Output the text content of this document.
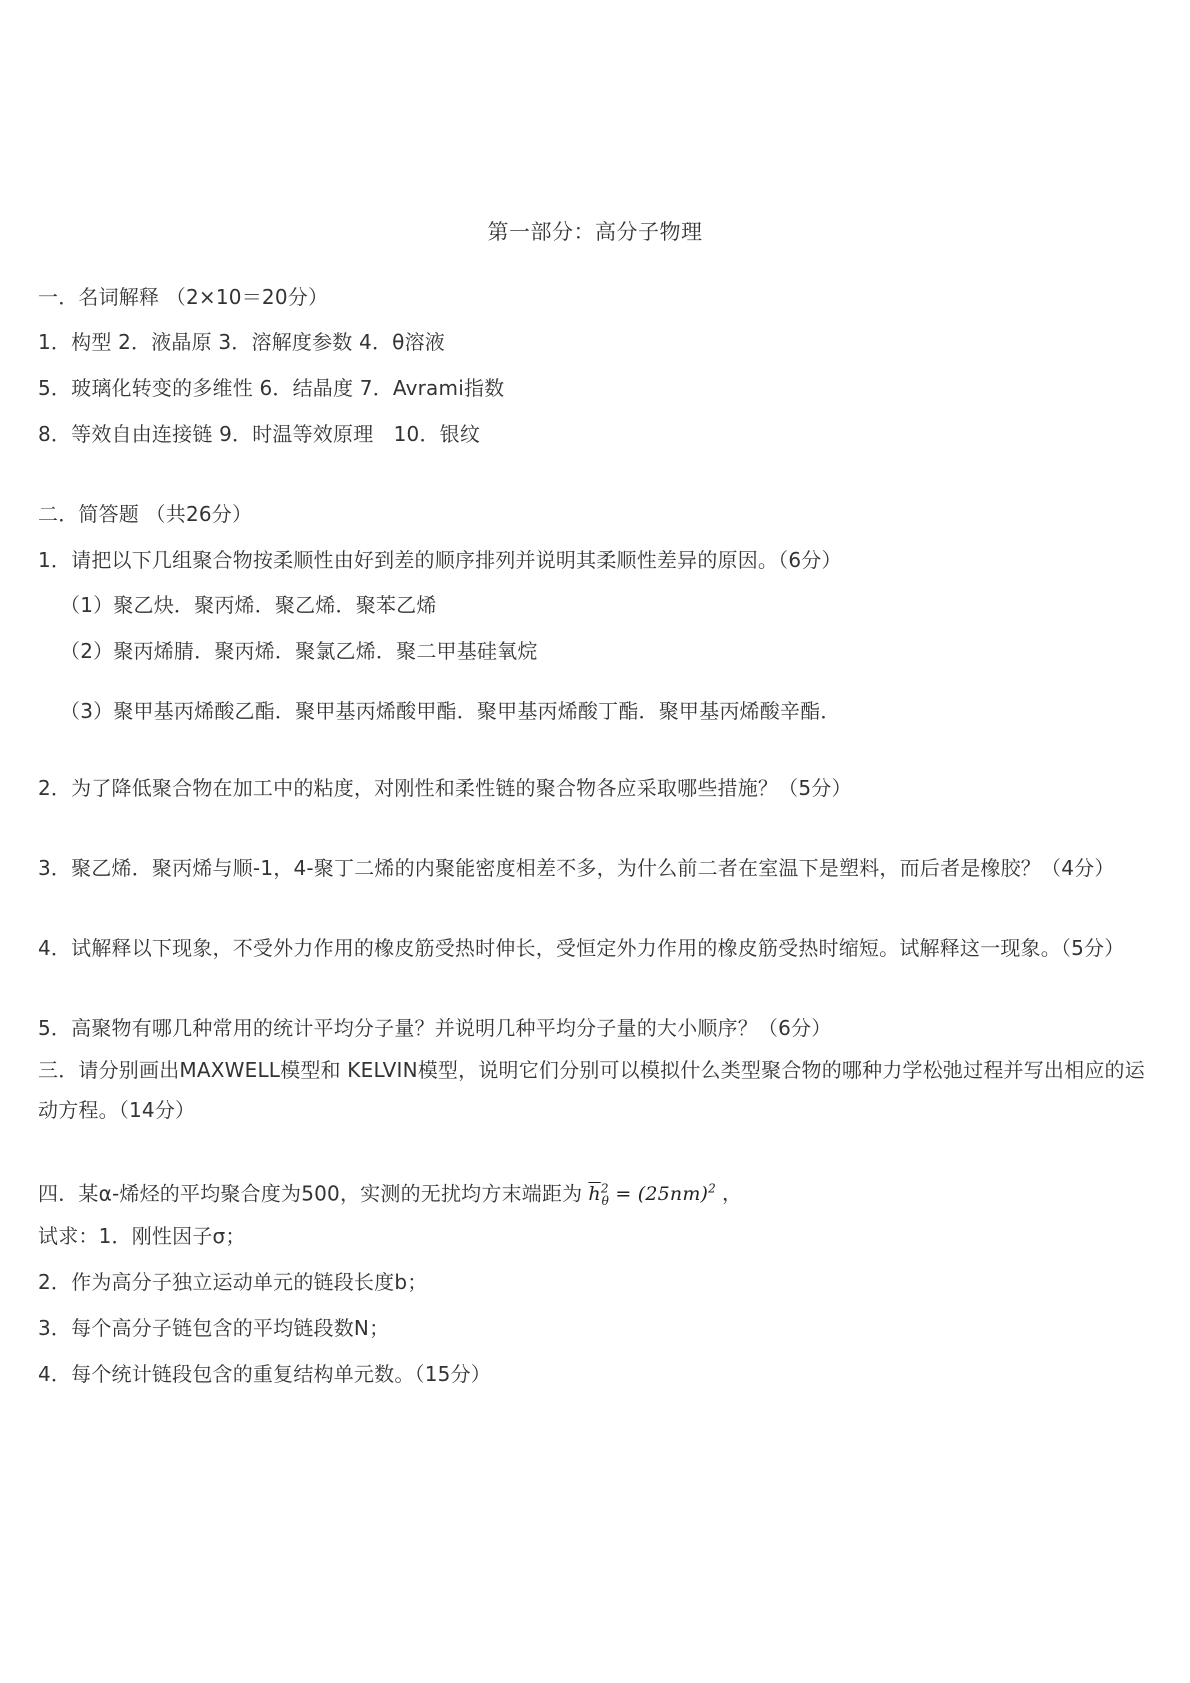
第一部分：高分子物理
一．名词解释 （2×10＝20分）
1．构型 2．液晶原 3．溶解度参数 4．θ溶液
5．玻璃化转变的多维性 6．结晶度 7．Avrami指数
8．等效自由连接链 9．时温等效原理　10．银纹
二．简答题 （共26分）
1．请把以下几组聚合物按柔顺性由好到差的顺序排列并说明其柔顺性差异的原因。（6分）
（1）聚乙炔．聚丙烯．聚乙烯．聚苯乙烯
（2）聚丙烯腈．聚丙烯．聚氯乙烯．聚二甲基硅氧烷
（3）聚甲基丙烯酸乙酯．聚甲基丙烯酸甲酯．聚甲基丙烯酸丁酯．聚甲基丙烯酸辛酯．
2．为了降低聚合物在加工中的粘度，对刚性和柔性链的聚合物各应采取哪些措施？（5分）
3．聚乙烯．聚丙烯与顺-1，4-聚丁二烯的内聚能密度相差不多，为什么前二者在室温下是塑料，而后者是橡胶？（4分）
4．试解释以下现象，不受外力作用的橡皮筋受热时伸长，受恒定外力作用的橡皮筋受热时缩短。试解释这一现象。（5分）
5．高聚物有哪几种常用的统计平均分子量？并说明几种平均分子量的大小顺序？（6分）
三．请分别画出MAXWELL模型和 KELVIN模型，说明它们分别可以模拟什么类型聚合物的哪种力学松弛过程并写出相应的运动方程。（14分）
四．某α-烯烃的平均聚合度为500，实测的无扰均方末端距为 $\overline{h}^2_\theta = (25nm)^2$ ，
试求：1．刚性因子σ；
2．作为高分子独立运动单元的链段长度b；
3．每个高分子链包含的平均链段数N；
4．每个统计链段包含的重复结构单元数。（15分）
